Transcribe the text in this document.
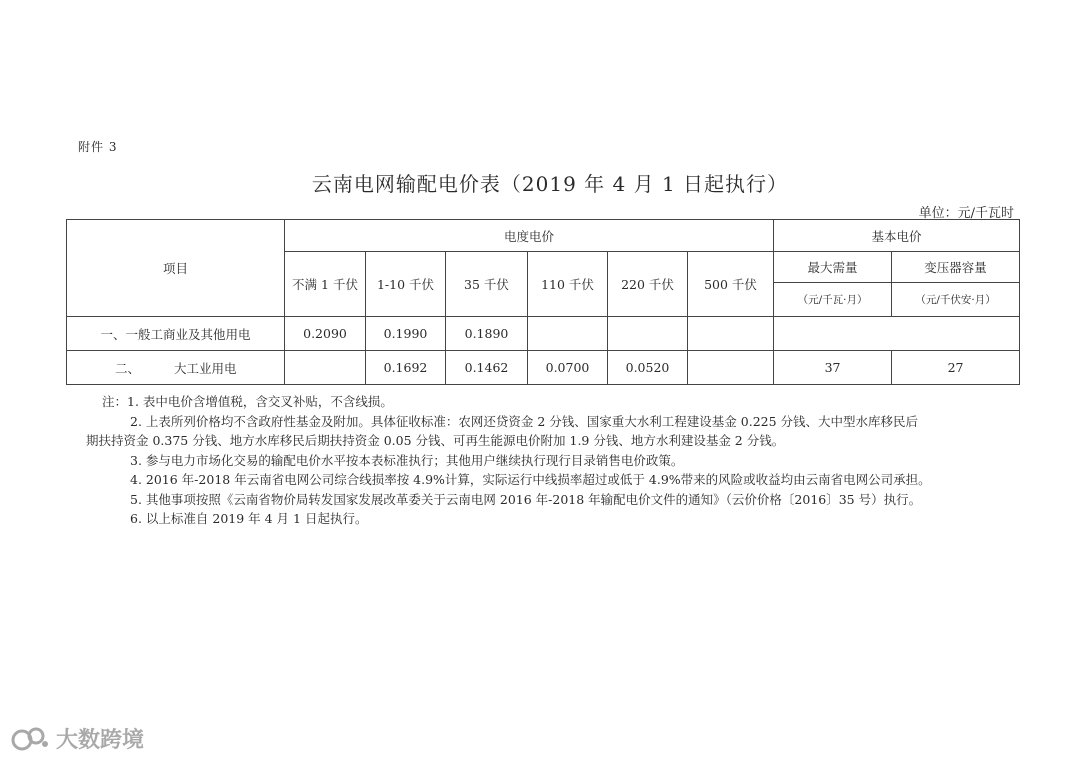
附件 3
云南电网输配电价表（2019 年 4 月 1 日起执行）
单位：元/千瓦时
项目	电度电价						基本电价	
	不满 1 千伏	1-10 千伏	35 千伏	110 千伏	220 千伏	500 千伏	最大需量	变压器容量
							（元/千瓦·月）	（元/千伏安·月）
一、一般工商业及其他用电	0.2090	0.1990	0.1890					
二、 大工业用电		0.1692	0.1462	0.0700	0.0520		37	27
注：1. 表中电价含增值税，含交叉补贴，不含线损。
2. 上表所列价格均不含政府性基金及附加。具体征收标准：农网还贷资金 2 分钱、国家重大水利工程建设基金 0.225 分钱、大中型水库移民后
期扶持资金 0.375 分钱、地方水库移民后期扶持资金 0.05 分钱、可再生能源电价附加 1.9 分钱、地方水利建设基金 2 分钱。
3. 参与电力市场化交易的输配电价水平按本表标准执行；其他用户继续执行现行目录销售电价政策。
4. 2016 年-2018 年云南省电网公司综合线损率按 4.9%计算，实际运行中线损率超过或低于 4.9%带来的风险或收益均由云南省电网公司承担。
5. 其他事项按照《云南省物价局转发国家发展改革委关于云南电网 2016 年-2018 年输配电价文件的通知》（云价价格〔2016〕35 号）执行。
6. 以上标准自 2019 年 4 月 1 日起执行。
大数跨境
